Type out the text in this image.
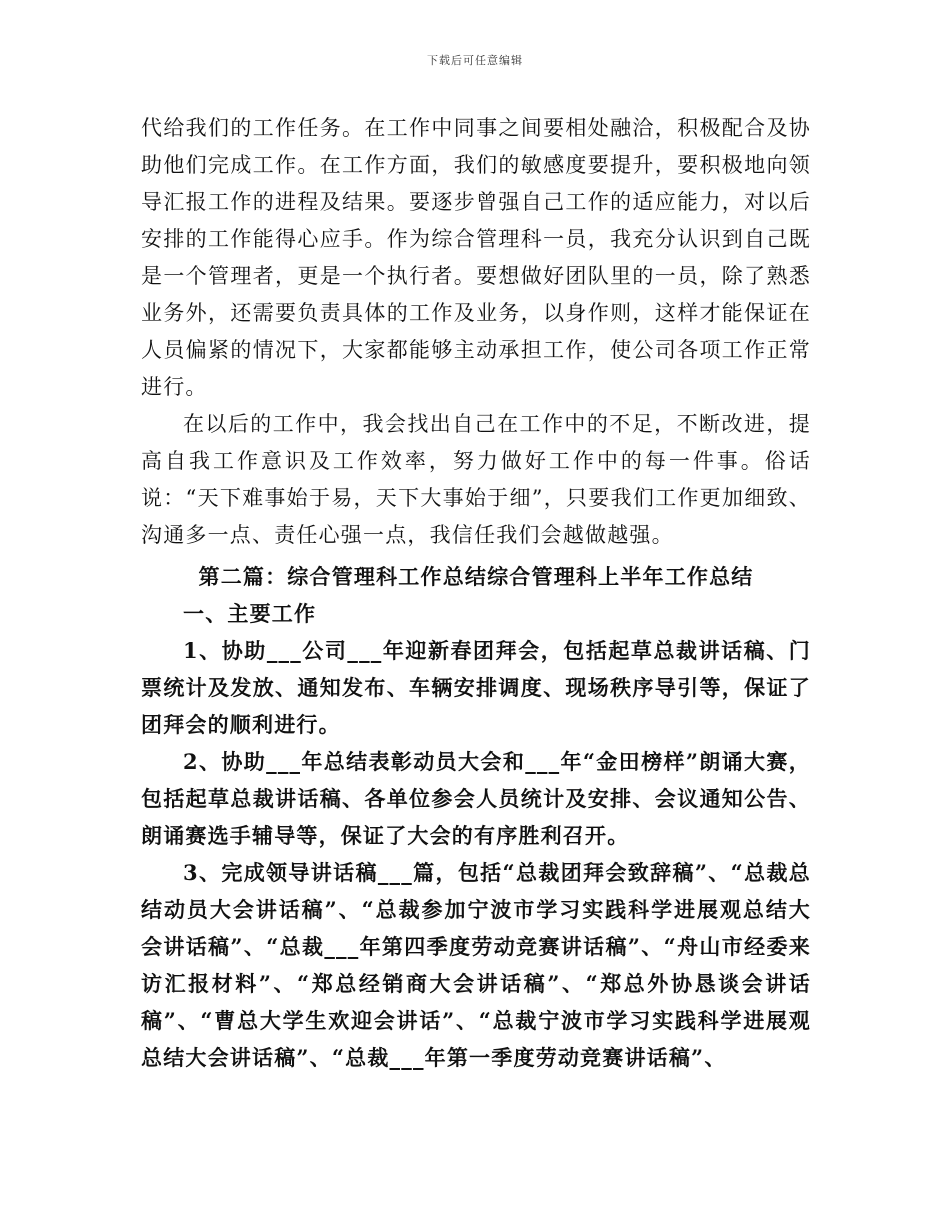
下载后可任意编辑

代给我们的工作任务。在工作中同事之间要相处融洽，积极配合及协助他们完成工作。在工作方面，我们的敏感度要提升，要积极地向领导汇报工作的进程及结果。要逐步曾强自己工作的适应能力，对以后安排的工作能得心应手。作为综合管理科一员，我充分认识到自己既是一个管理者，更是一个执行者。要想做好团队里的一员，除了熟悉业务外，还需要负责具体的工作及业务，以身作则，这样才能保证在人员偏紧的情况下，大家都能够主动承担工作，使公司各项工作正常进行。

在以后的工作中，我会找出自己在工作中的不足，不断改进，提高自我工作意识及工作效率，努力做好工作中的每一件事。俗话说：“天下难事始于易，天下大事始于细”，只要我们工作更加细致、沟通多一点、责任心强一点，我信任我们会越做越强。

第二篇：综合管理科工作总结综合管理科上半年工作总结

一、主要工作

1、协助___公司___年迎新春团拜会，包括起草总裁讲话稿、门票统计及发放、通知发布、车辆安排调度、现场秩序导引等，保证了团拜会的顺利进行。

2、协助___年总结表彰动员大会和___年“金田榜样”朗诵大赛，包括起草总裁讲话稿、各单位参会人员统计及安排、会议通知公告、朗诵赛选手辅导等，保证了大会的有序胜利召开。

3、完成领导讲话稿___篇，包括“总裁团拜会致辞稿”、“总裁总结动员大会讲话稿”、“总裁参加宁波市学习实践科学进展观总结大会讲话稿”、“总裁___年第四季度劳动竞赛讲话稿”、“舟山市经委来访汇报材料”、“郑总经销商大会讲话稿”、“郑总外协恳谈会讲话稿”、“曹总大学生欢迎会讲话”、“总裁宁波市学习实践科学进展观总结大会讲话稿”、“总裁___年第一季度劳动竞赛讲话稿”、
